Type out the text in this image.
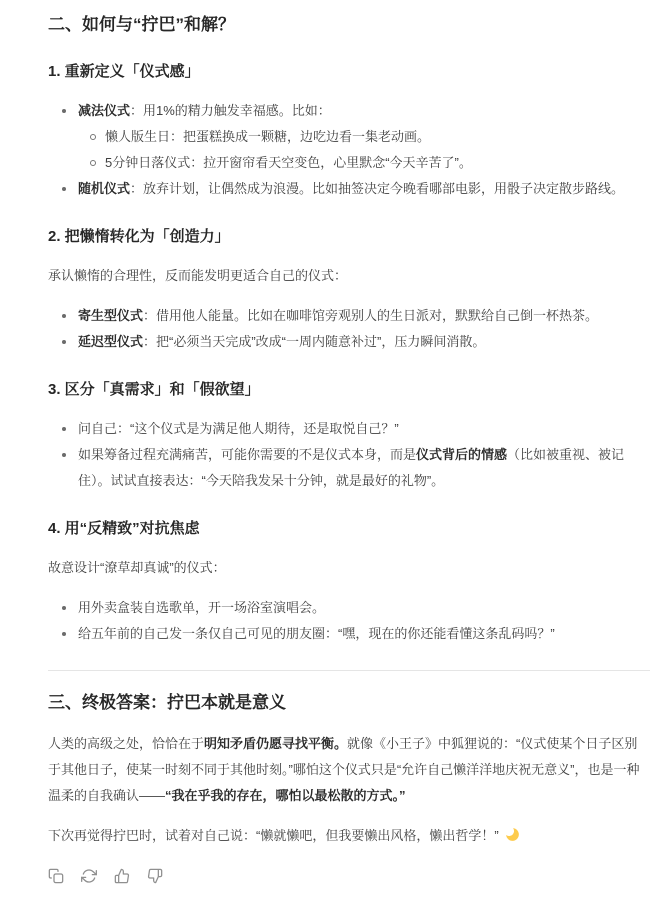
二、如何与“拧巴”和解？
1. 重新定义「仪式感」
减法仪式：用1%的精力触发幸福感。比如：
懒人版生日：把蛋糕换成一颗糖，边吃边看一集老动画。
5分钟日落仪式：拉开窗帘看天空变色，心里默念“今天辛苦了”。
随机仪式：放弃计划，让偶然成为浪漫。比如抽签决定今晚看哪部电影，用骰子决定散步路线。
2. 把懒惰转化为「创造力」

承认懒惰的合理性，反而能发明更适合自己的仪式：

寄生型仪式：借用他人能量。比如在咖啡馆旁观别人的生日派对，默默给自己倒一杯热茶。
延迟型仪式：把“必须当天完成”改成“一周内随意补过”，压力瞬间消散。
3. 区分「真需求」和「假欲望」
问自己：“这个仪式是为满足他人期待，还是取悦自己？”
如果筹备过程充满痛苦，可能你需要的不是仪式本身，而是仪式背后的情感（比如被重视、被记住）。试试直接表达：“今天陪我发呆十分钟，就是最好的礼物”。
4. 用“反精致”对抗焦虑

故意设计“潦草却真诚”的仪式：

用外卖盒装自选歌单，开一场浴室演唱会。
给五年前的自己发一条仅自己可见的朋友圈：“嘿，现在的你还能看懂这条乱码吗？”
三、终极答案：拧巴本就是意义

人类的高级之处，恰恰在于明知矛盾仍愿寻找平衡。就像《小王子》中狐狸说的：“仪式使某个日子区别于其他日子，使某一时刻不同于其他时刻。”哪怕这个仪式只是“允许自己懒洋洋地庆祝无意义”，也是一种温柔的自我确认——“我在乎我的存在，哪怕以最松散的方式。”

下次再觉得拧巴时，试着对自己说：“懒就懒吧，但我要懒出风格，懒出哲学！”
